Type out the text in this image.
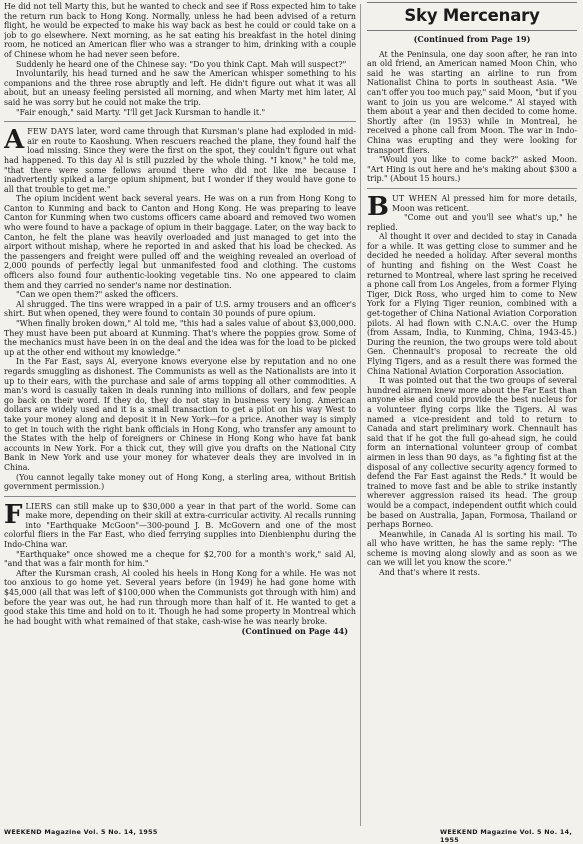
He did not tell Marty this, but he wanted to check and see if Ross expected him to take the return run back to Hong Kong. Normally, unless he had been advised of a return flight, he would be expected to make his way back as best he could or could take on a job to go elsewhere. Next morning, as he sat eating his breakfast in the hotel dining room, he noticed an American flier who was a stranger to him, drinking with a couple of Chinese whom he had never seen before.

Suddenly he heard one of the Chinese say: "Do you think Capt. Mah will suspect?"

Involuntarily, his head turned and he saw the American whisper something to his companions and the three rose abruptly and left. He didn't figure out what it was all about, but an uneasy feeling persisted all morning, and when Marty met him later, Al said he was sorry but he could not make the trip.

"Fair enough," said Marty. "I'll get Jack Kursman to handle it."

AFEW DAYS later, word came through that Kursman's plane had exploded in mid-air en route to Kaoshung. When rescuers reached the plane, they found half the load missing. Since they were the first on the spot, they couldn't figure out what had happened. To this day Al is still puzzled by the whole thing. "I know," he told me, "that there were some fellows around there who did not like me because I inadvertently spiked a large opium shipment, but I wonder if they would have gone to all that trouble to get me."

The opium incident went back several years. He was on a run from Hong Kong to Canton to Kunming and back to Canton and Hong Kong. He was preparing to leave Canton for Kunming when two customs officers came aboard and removed two women who were found to have a package of opium in their baggage. Later, on the way back to Canton, he felt the plane was heavily overloaded and just managed to get into the airport without mishap, where he reported in and asked that his load be checked. As the passengers and freight were pulled off and the weighing revealed an overload of 2,000 pounds of perfectly legal but unmanifested food and clothing. The customs officers also found four authentic-looking vegetable tins. No one appeared to claim them and they carried no sender's name nor destination.

"Can we open them?" asked the officers.

Al shrugged. The tins were wrapped in a pair of U.S. army trousers and an officer's shirt. But when opened, they were found to contain 30 pounds of pure opium.

"When finally broken down," Al told me, "this had a sales value of about $3,000,000. They must have been put aboard at Kunming. That's where the poppies grow. Some of the mechanics must have been in on the deal and the idea was for the load to be picked up at the other end without my knowledge."

In the Far East, says Al, everyone knows everyone else by reputation and no one regards smuggling as dishonest. The Communists as well as the Nationalists are into it up to their ears, with the purchase and sale of arms topping all other commodities. A man's word is casually taken in deals running into millions of dollars, and few people go back on their word. If they do, they do not stay in business very long. American dollars are widely used and it is a small transaction to get a pilot on his way West to take your money along and deposit it in New York—for a price. Another way is simply to get in touch with the right bank officials in Hong Kong, who transfer any amount to the States with the help of foreigners or Chinese in Hong Kong who have fat bank accounts in New York. For a thick cut, they will give you drafts on the National City Bank in New York and use your money for whatever deals they are involved in in China.

(You cannot legally take money out of Hong Kong, a sterling area, without British government permission.)

FLIERS can still make up to $30,000 a year in that part of the world. Some can make more, depending on their skill at extra-curricular activity. Al recalls running into "Earthquake McGoon"—300-pound J. B. McGovern and one of the most colorful fliers in the Far East, who died ferrying supplies into Dienbienphu during the Indo-China war.

"Earthquake" once showed me a cheque for $2,700 for a month's work," said Al, "and that was a fair month for him."

After the Kursman crash, Al cooled his heels in Hong Kong for a while. He was not too anxious to go home yet. Several years before (in 1949) he had gone home with $45,000 (all that was left of $100,000 when the Communists got through with him) and before the year was out, he had run through more than half of it. He wanted to get a good stake this time and hold on to it. Though he had some property in Montreal which he had bought with what remained of that stake, cash-wise he was nearly broke.

(Continued on Page 44)
Sky Mercenary
(Continued from Page 19)

At the Peninsula, one day soon after, he ran into an old friend, an American named Moon Chin, who said he was starting an airline to run from Nationalist China to ports in southeast Asia. "We can't offer you too much pay," said Moon, "but if you want to join us you are welcome." Al stayed with them about a year and then decided to come home. Shortly after (in 1953) while in Montreal, he received a phone call from Moon. The war in Indo-China was erupting and they were looking for transport fliers.

"Would you like to come back?" asked Moon. "Art Hing is out here and he's making about $300 a trip." (About 15 hours.)

BUT WHEN Al pressed him for more details, Moon was reticent.

"Come out and you'll see what's up," he replied.

Al thought it over and decided to stay in Canada for a while. It was getting close to summer and he decided he needed a holiday. After several months of hunting and fishing on the West Coast he returned to Montreal, where last spring he received a phone call from Los Angeles, from a former Flying Tiger, Dick Ross, who urged him to come to New York for a Flying Tiger reunion, combined with a get-together of China National Aviation Corporation pilots. Al had flown with C.N.A.C. over the Hump (from Assam, India, to Kunming, China, 1943-45.) During the reunion, the two groups were told about Gen. Chennault's proposal to recreate the old Flying Tigers, and as a result there was formed the China National Aviation Corporation Association.

It was pointed out that the two groups of several hundred airmen knew more about the Far East than anyone else and could provide the best nucleus for a volunteer flying corps like the Tigers. Al was named a vice-president and told to return to Canada and start preliminary work. Chennault has said that if he got the full go-ahead sign, he could form an international volunteer group of combat airmen in less than 90 days, as "a fighting fist at the disposal of any collective security agency formed to defend the Far East against the Reds." It would be trained to move fast and be able to strike instantly wherever aggression raised its head. The group would be a compact, independent outfit which could be based on Australia, Japan, Formosa, Thailand or perhaps Borneo.

Meanwhile, in Canada Al is sorting his mail. To all who have written, he has the same reply: "The scheme is moving along slowly and as soon as we can we will let you know the score."

And that's where it rests.

WEEKEND Magazine Vol. 5 No. 14, 1955	WEEKEND Magazine Vol. 5 No. 14, 1955
